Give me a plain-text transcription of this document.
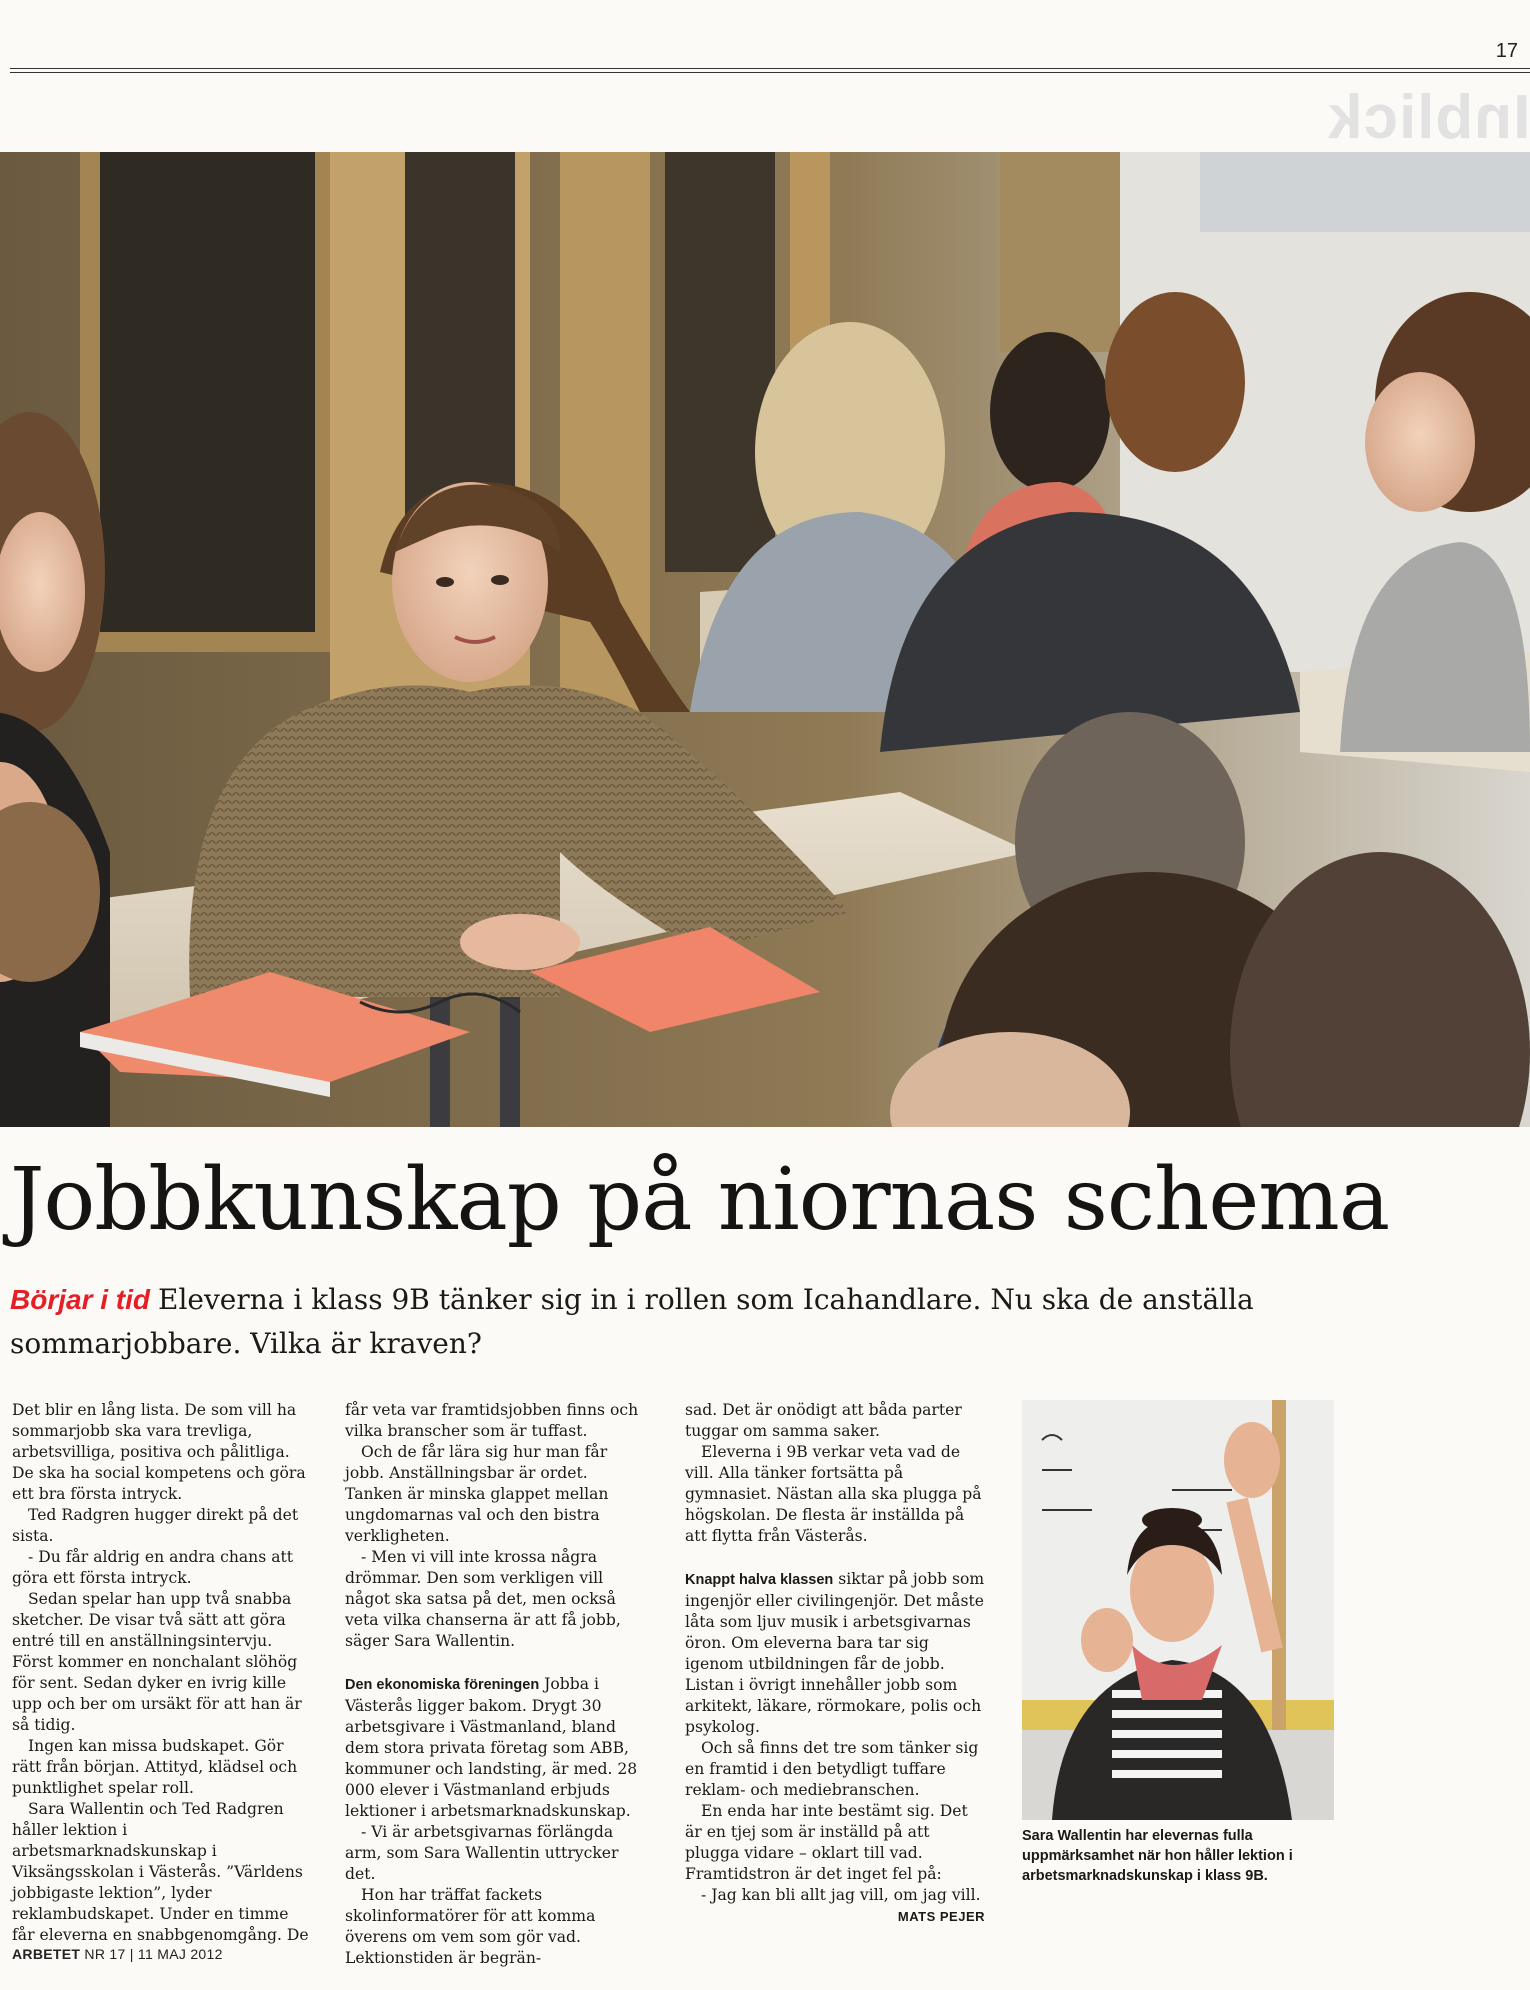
17
Inblick
Jobbkunskap på niornas schema

Börjar i tid Eleverna i klass 9B tänker sig in i rollen som Icahandlare. Nu ska de anställa sommarjobbare. Vilka är kraven?

Det blir en lång lista. De som vill ha sommarjobb ska vara trevliga, arbetsvilliga, positiva och pålitliga. De ska ha social kompetens och göra ett bra första intryck.

Ted Radgren hugger direkt på det sista.

- Du får aldrig en andra chans att göra ett första intryck.

Sedan spelar han upp två snabba sketcher. De visar två sätt att göra entré till en anställningsintervju. Först kommer en nonchalant slöhög för sent. Sedan dyker en ivrig kille upp och ber om ursäkt för att han är så tidig.

Ingen kan missa budskapet. Gör rätt från början. Attityd, klädsel och punktlighet spelar roll.

Sara Wallentin och Ted Radgren håller lektion i arbetsmarknadskunskap i Viksängsskolan i Västerås. ”Världens jobbigaste lektion”, lyder reklambudskapet. Under en timme får eleverna en snabbgenomgång. De

får veta var framtidsjobben finns och vilka branscher som är tuffast.

Och de får lära sig hur man får jobb. Anställningsbar är ordet. Tanken är minska glappet mellan ungdomarnas val och den bistra verkligheten.

- Men vi vill inte krossa några drömmar. Den som verkligen vill något ska satsa på det, men också veta vilka chanserna är att få jobb, säger Sara Wallentin.

Den ekonomiska föreningen Jobba i Västerås ligger bakom. Drygt 30 arbetsgivare i Västmanland, bland dem stora privata företag som ABB, kommuner och landsting, är med. 28 000 elever i Västmanland erbjuds lektioner i arbetsmarknadskunskap.

- Vi är arbetsgivarnas förlängda arm, som Sara Wallentin uttrycker det.

Hon har träffat fackets skolinformatörer för att komma överens om vem som gör vad. Lektionstiden är begrän-

sad. Det är onödigt att båda parter tuggar om samma saker.

Eleverna i 9B verkar veta vad de vill. Alla tänker fortsätta på gymnasiet. Nästan alla ska plugga på högskolan. De flesta är inställda på att flytta från Västerås.

Knappt halva klassen siktar på jobb som ingenjör eller civilingenjör. Det måste låta som ljuv musik i arbetsgivarnas öron. Om eleverna bara tar sig igenom utbildningen får de jobb. Listan i övrigt innehåller jobb som arkitekt, läkare, rörmokare, polis och psykolog.

Och så finns det tre som tänker sig en framtid i den betydligt tuffare reklam- och mediebranschen.

En enda har inte bestämt sig. Det är en tjej som är inställd på att plugga vidare – oklart till vad. Framtidstron är det inget fel på:

- Jag kan bli allt jag vill, om jag vill.

MATS PEJER
Sara Wallentin har elevernas fulla uppmärksamhet när hon håller lektion i arbetsmarknadskunskap i klass 9B.
ARBETET NR 17 | 11 MAJ 2012
